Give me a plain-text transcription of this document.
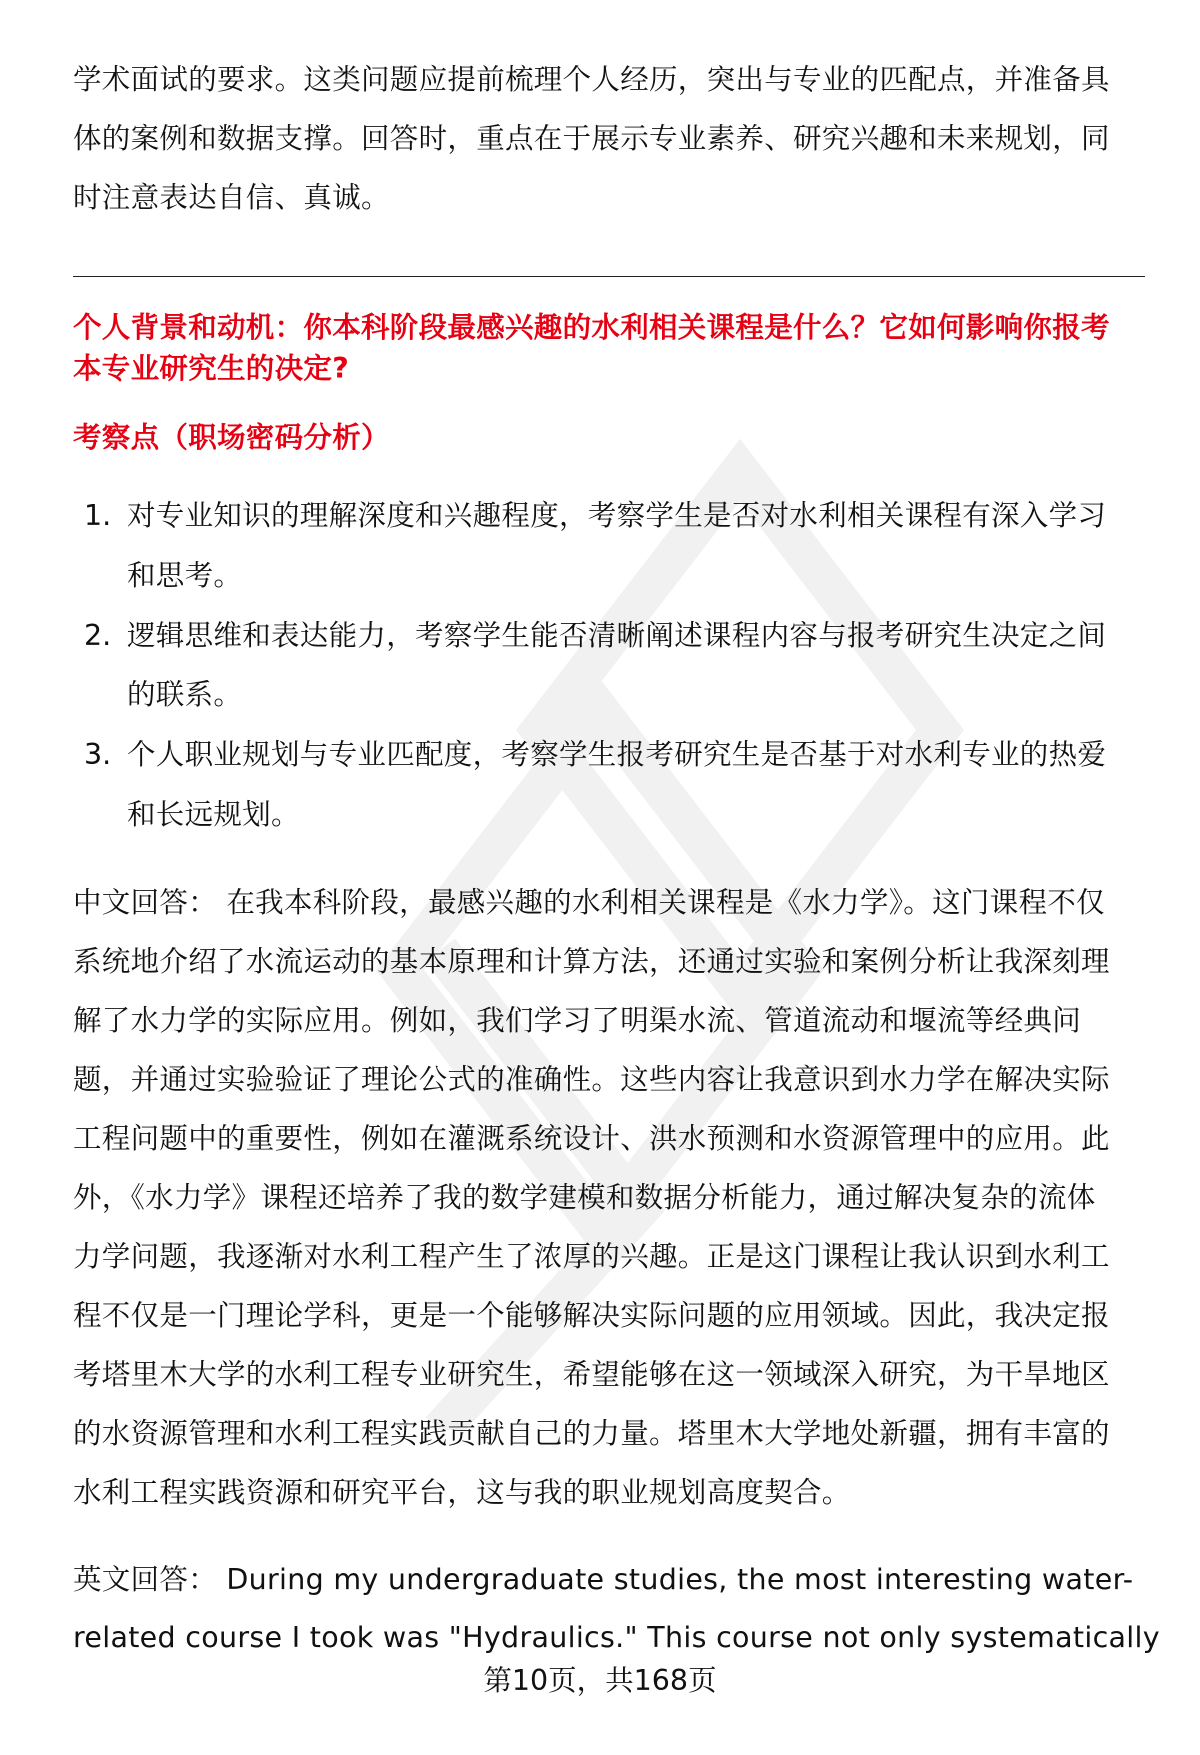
学术面试的要求。这类问题应提前梳理个人经历，突出与专业的匹配点，并准备具
体的案例和数据支撑。回答时，重点在于展示专业素养、研究兴趣和未来规划，同
时注意表达自信、真诚。
个人背景和动机：你本科阶段最感兴趣的水利相关课程是什么？它如何影响你报考
本专业研究生的决定?
考察点（职场密码分析）
1. 对专业知识的理解深度和兴趣程度，考察学生是否对水利相关课程有深入学习
和思考。
2. 逻辑思维和表达能力，考察学生能否清晰阐述课程内容与报考研究生决定之间
的联系。
3. 个人职业规划与专业匹配度，考察学生报考研究生是否基于对水利专业的热爱
和长远规划。
中文回答： 在我本科阶段，最感兴趣的水利相关课程是《水力学》。这门课程不仅
系统地介绍了水流运动的基本原理和计算方法，还通过实验和案例分析让我深刻理
解了水力学的实际应用。例如，我们学习了明渠水流、管道流动和堰流等经典问
题，并通过实验验证了理论公式的准确性。这些内容让我意识到水力学在解决实际
工程问题中的重要性，例如在灌溉系统设计、洪水预测和水资源管理中的应用。此
外，《水力学》课程还培养了我的数学建模和数据分析能力，通过解决复杂的流体
力学问题，我逐渐对水利工程产生了浓厚的兴趣。正是这门课程让我认识到水利工
程不仅是一门理论学科，更是一个能够解决实际问题的应用领域。因此，我决定报
考塔里木大学的水利工程专业研究生，希望能够在这一领域深入研究，为干旱地区
的水资源管理和水利工程实践贡献自己的力量。塔里木大学地处新疆，拥有丰富的
水利工程实践资源和研究平台，这与我的职业规划高度契合。
英文回答： During my undergraduate studies, the most interesting water-
related course I took was "Hydraulics." This course not only systematically
第10页，共168页
